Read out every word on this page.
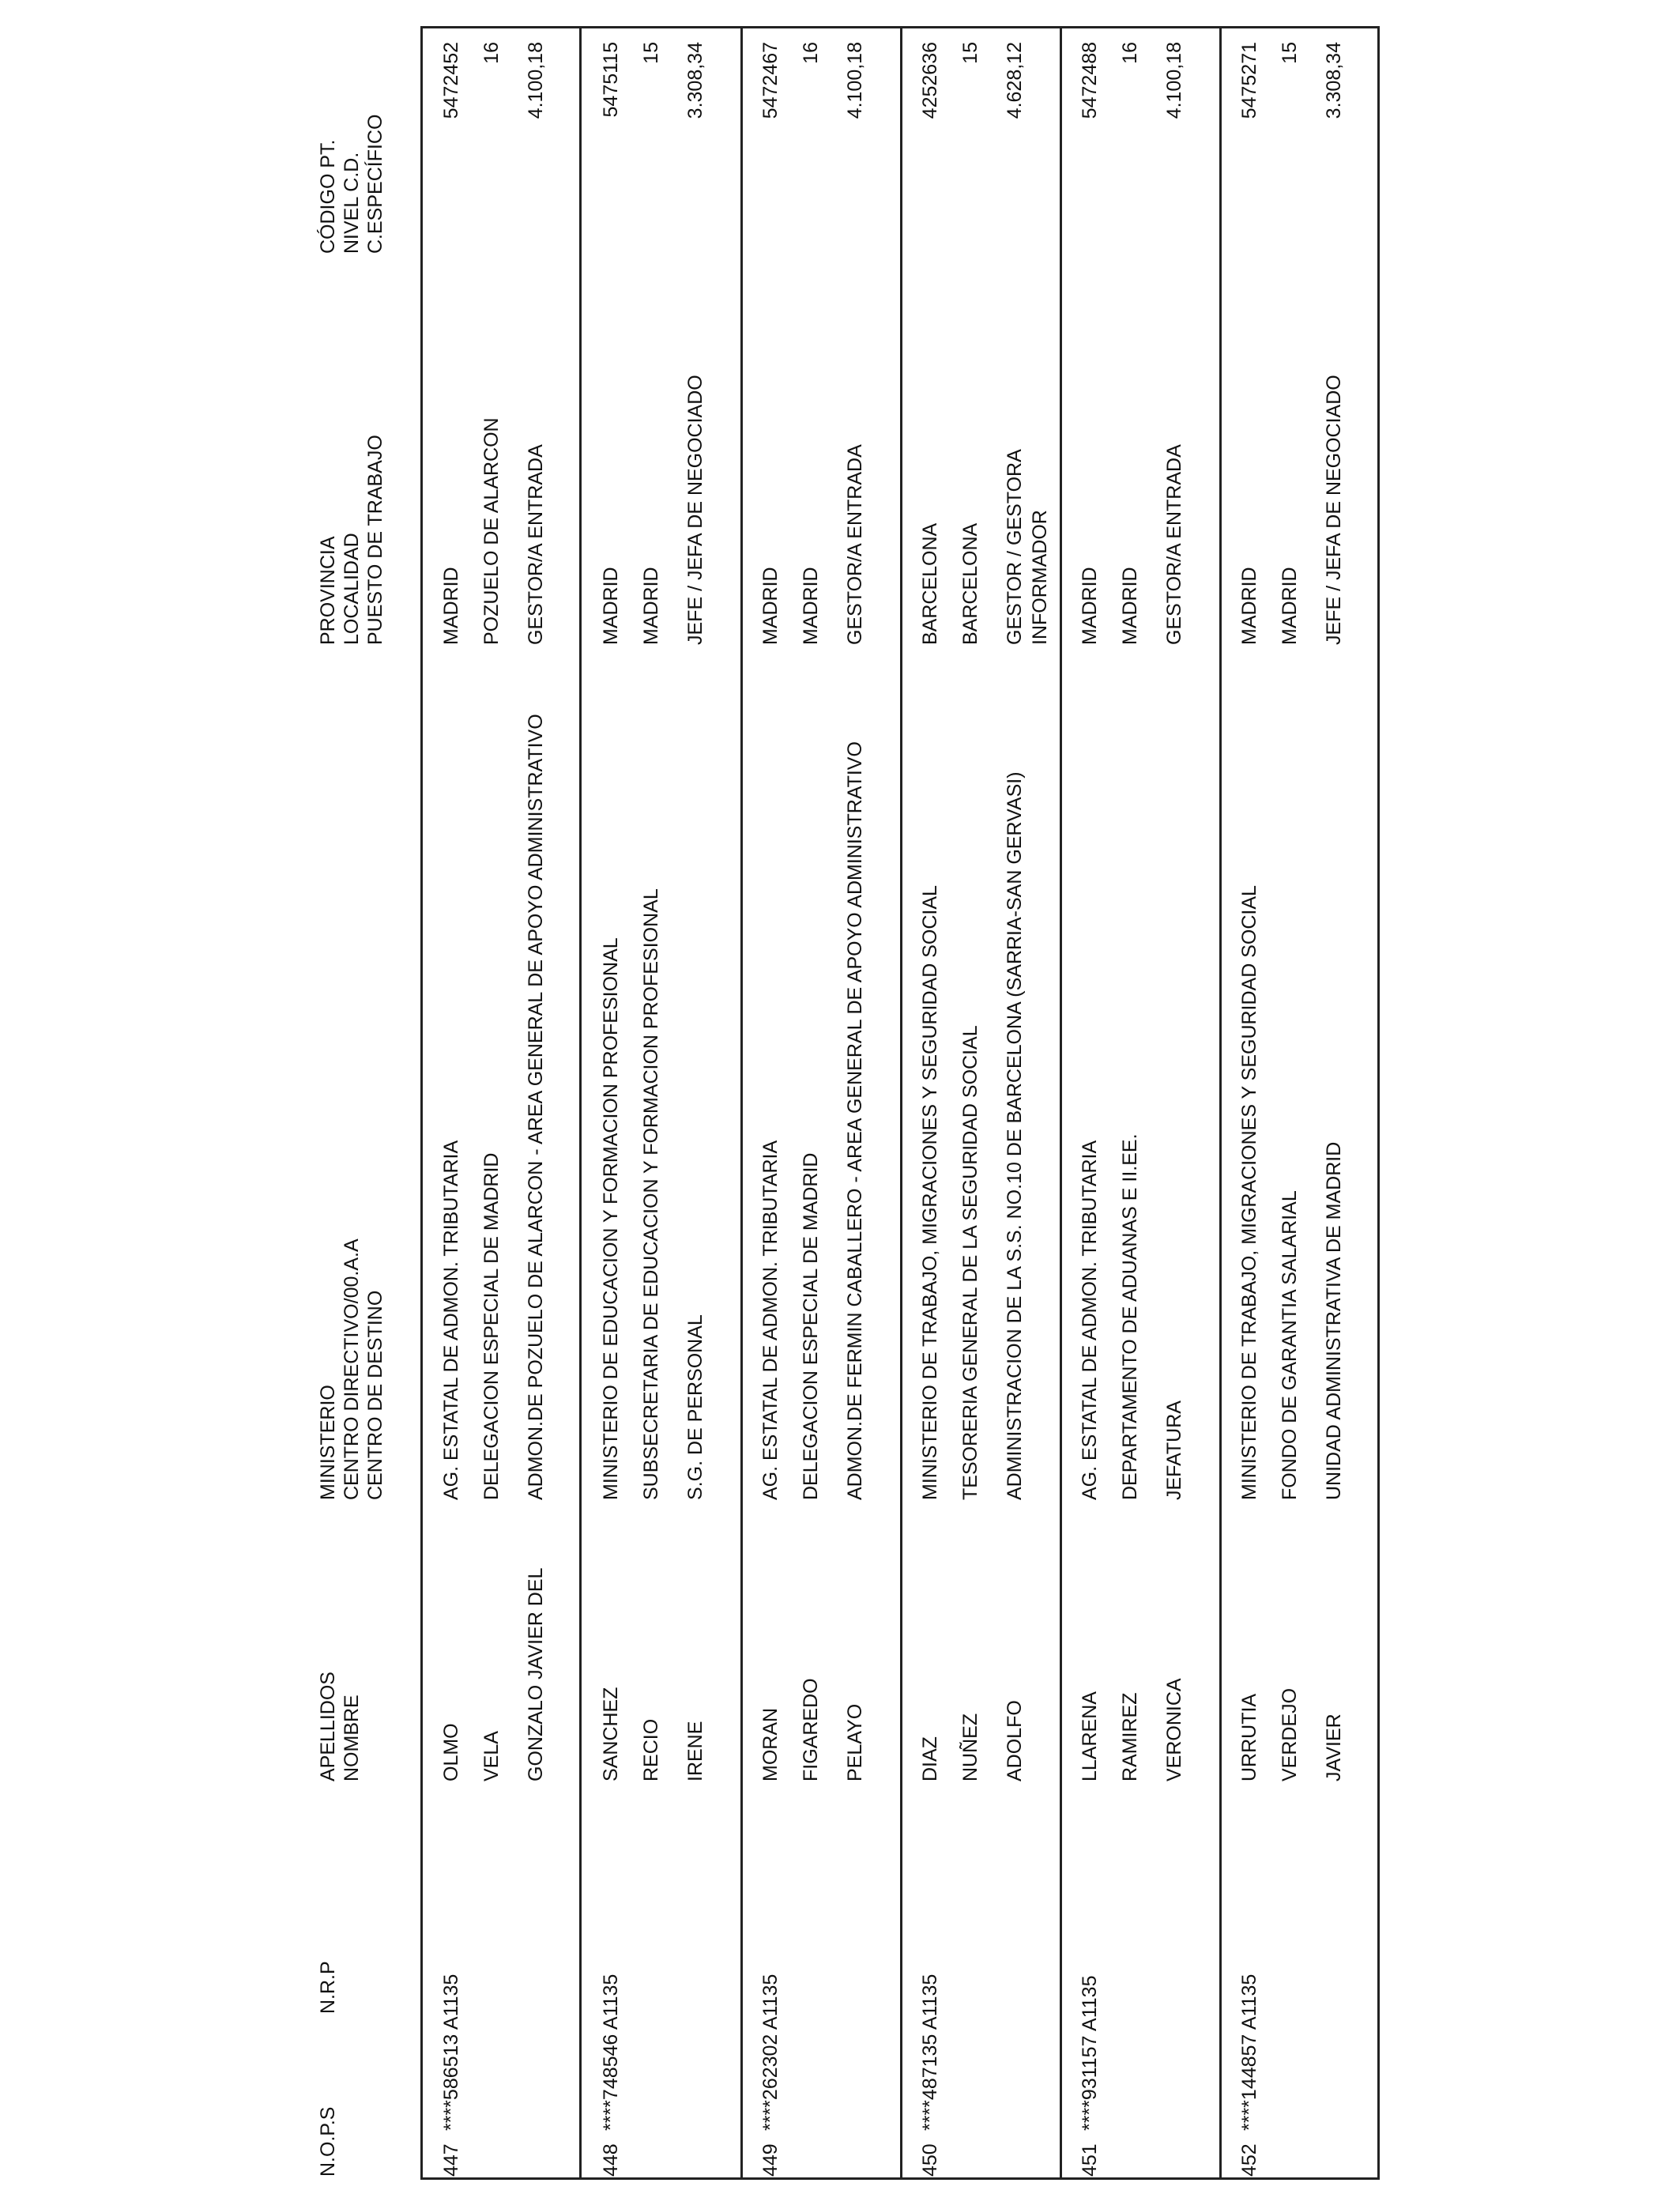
N.O.P.S
N.R.P
APELLIDOS
NOMBRE
MINISTERIO
CENTRO DIRECTIVO/00.A.A
CENTRO DE DESTINO
PROVINCIA
LOCALIDAD
PUESTO DE TRABAJO
CÓDIGO PT.
NIVEL C.D.
C.ESPECÍFICO
447
****586513 A1135
OLMO VELA GONZALO JAVIER DEL
AG. ESTATAL DE ADMON. TRIBUTARIA DELEGACION ESPECIAL DE MADRID ADMON.DE POZUELO DE ALARCON - AREA GENERAL DE APOYO ADMINISTRATIVO
MADRID POZUELO DE ALARCON GESTOR/A ENTRADA
5472452 16 4.100,18
448
****748546 A1135
SANCHEZ RECIO IRENE
MINISTERIO DE EDUCACION Y FORMACION PROFESIONAL SUBSECRETARIA DE EDUCACION Y FORMACION PROFESIONAL S.G. DE PERSONAL
MADRID MADRID JEFE / JEFA DE NEGOCIADO
5475115 15 3.308,34
449
****262302 A1135
MORAN FIGAREDO PELAYO
AG. ESTATAL DE ADMON. TRIBUTARIA DELEGACION ESPECIAL DE MADRID ADMON.DE FERMIN CABALLERO - AREA GENERAL DE APOYO ADMINISTRATIVO
MADRID MADRID GESTOR/A ENTRADA
5472467 16 4.100,18
450
****487135 A1135
DIAZ NUÑEZ ADOLFO
MINISTERIO DE TRABAJO, MIGRACIONES Y SEGURIDAD SOCIAL TESORERIA GENERAL DE LA SEGURIDAD SOCIAL ADMINISTRACION DE LA S.S. NO.10 DE BARCELONA (SARRIA-SAN GERVASI)
BARCELONA BARCELONA GESTOR / GESTORA INFORMADOR
4252636 15 4.628,12
451
****931157 A1135
LLARENA RAMIREZ VERONICA
AG. ESTATAL DE ADMON. TRIBUTARIA DEPARTAMENTO DE ADUANAS E II.EE. JEFATURA
MADRID MADRID GESTOR/A ENTRADA
5472488 16 4.100,18
452
****144857 A1135
URRUTIA VERDEJO JAVIER
MINISTERIO DE TRABAJO, MIGRACIONES Y SEGURIDAD SOCIAL FONDO DE GARANTIA SALARIAL UNIDAD ADMINISTRATIVA DE MADRID
MADRID MADRID JEFE / JEFA DE NEGOCIADO
5475271 15 3.308,34
